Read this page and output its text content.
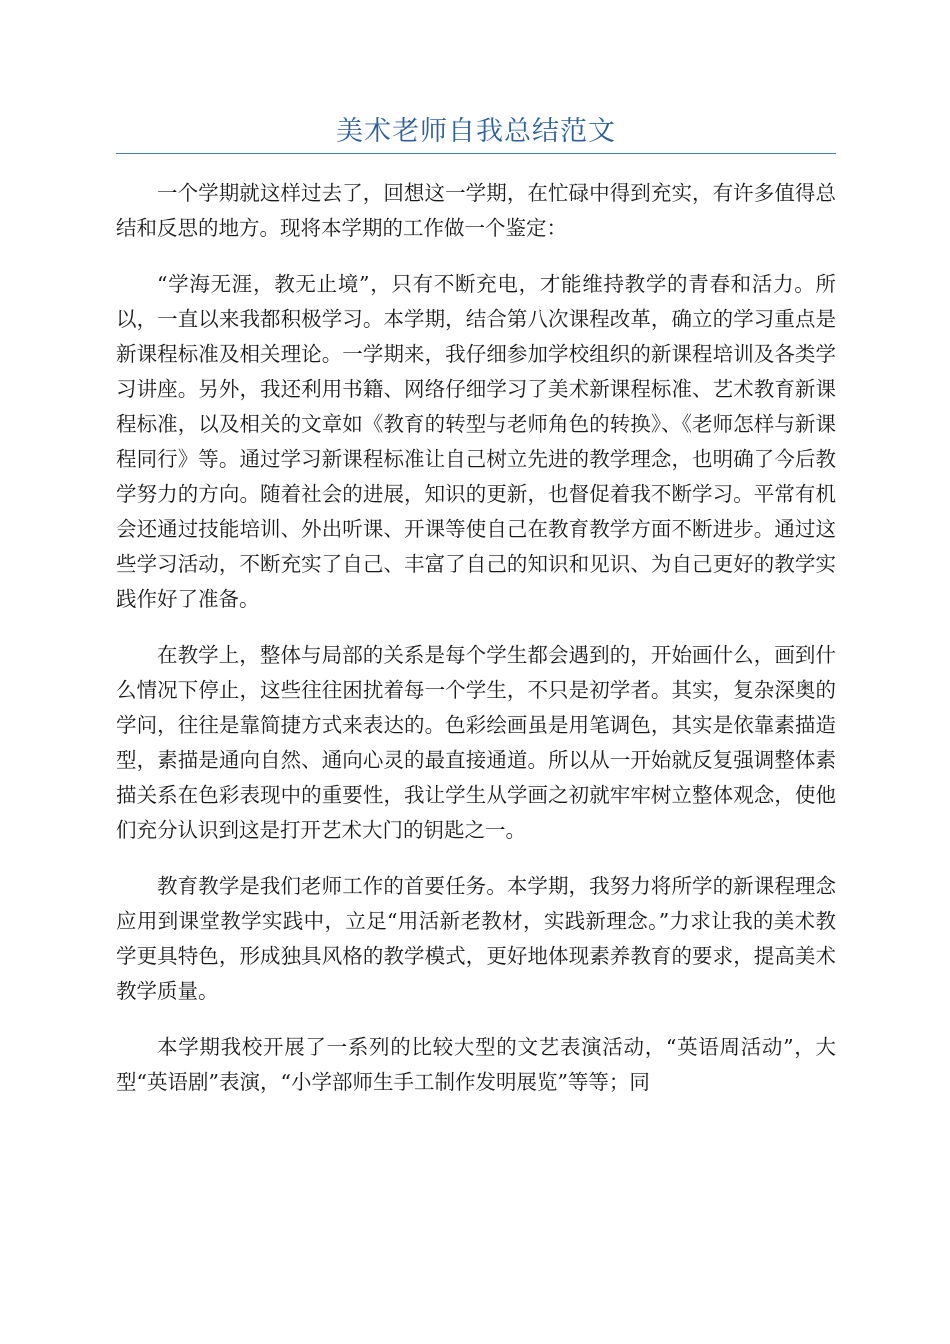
美术老师自我总结范文

一个学期就这样过去了，回想这一学期，在忙碌中得到充实，有许多值得总结和反思的地方。现将本学期的工作做一个鉴定：

“学海无涯，教无止境”，只有不断充电，才能维持教学的青春和活力。所以，一直以来我都积极学习。本学期，结合第八次课程改革，确立的学习重点是新课程标准及相关理论。一学期来，我仔细参加学校组织的新课程培训及各类学习讲座。另外，我还利用书籍、网络仔细学习了美术新课程标准、艺术教育新课程标准，以及相关的文章如《教育的转型与老师角色的转换》、《老师怎样与新课程同行》等。通过学习新课程标准让自己树立先进的教学理念，也明确了今后教学努力的方向。随着社会的进展，知识的更新，也督促着我不断学习。平常有机会还通过技能培训、外出听课、开课等使自己在教育教学方面不断进步。通过这些学习活动，不断充实了自己、丰富了自己的知识和见识、为自己更好的教学实践作好了准备。

在教学上，整体与局部的关系是每个学生都会遇到的，开始画什么，画到什么情况下停止，这些往往困扰着每一个学生，不只是初学者。其实，复杂深奥的学问，往往是靠简捷方式来表达的。色彩绘画虽是用笔调色，其实是依靠素描造型，素描是通向自然、通向心灵的最直接通道。所以从一开始就反复强调整体素描关系在色彩表现中的重要性，我让学生从学画之初就牢牢树立整体观念，使他们充分认识到这是打开艺术大门的钥匙之一。

教育教学是我们老师工作的首要任务。本学期，我努力将所学的新课程理念应用到课堂教学实践中，立足“用活新老教材，实践新理念。”力求让我的美术教学更具特色，形成独具风格的教学模式，更好地体现素养教育的要求，提高美术教学质量。

本学期我校开展了一系列的比较大型的文艺表演活动，“英语周活动”，大型“英语剧”表演，“小学部师生手工制作发明展览”等等；同
